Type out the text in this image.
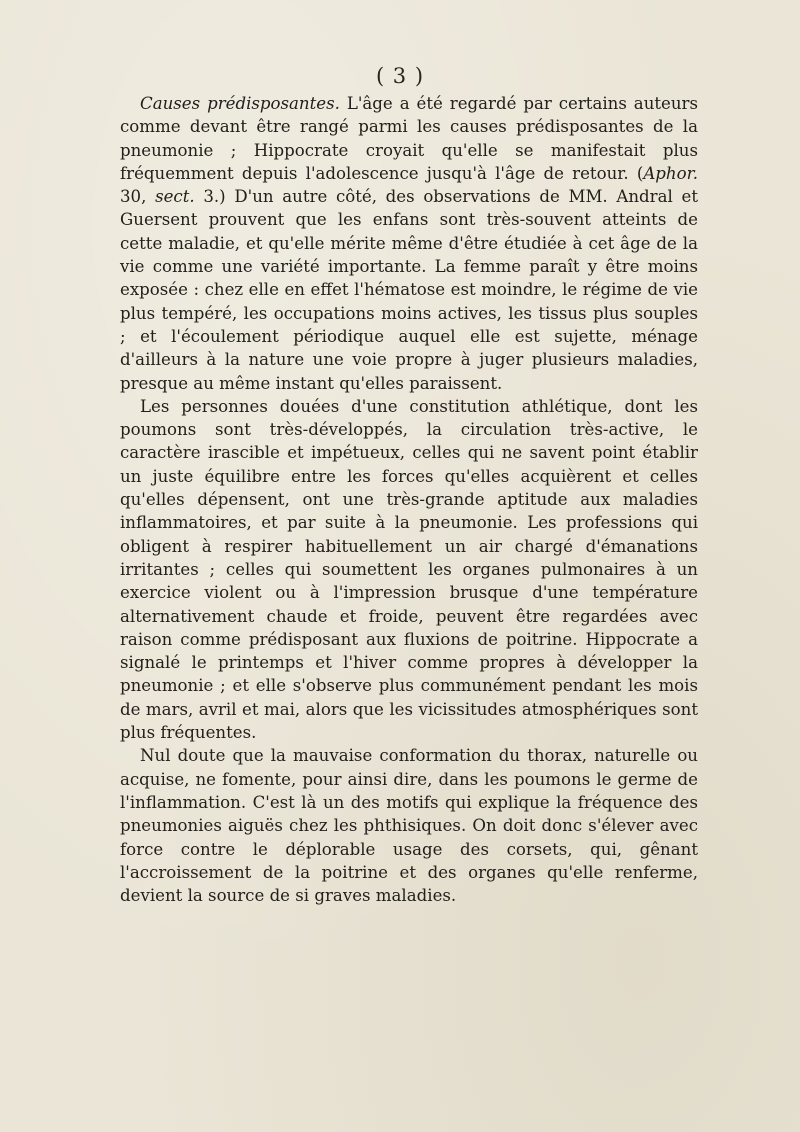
( 3 )

Causes prédisposantes. L'âge a été regardé par certains auteurs comme devant être rangé parmi les causes prédisposantes de la pneumonie ; Hippocrate croyait qu'elle se manifestait plus fréquemment depuis l'adolescence jusqu'à l'âge de retour. (Aphor. 30, sect. 3.) D'un autre côté, des observations de MM. Andral et Guersent prouvent que les enfans sont très-souvent atteints de cette maladie, et qu'elle mérite même d'être étudiée à cet âge de la vie comme une variété importante. La femme paraît y être moins exposée : chez elle en effet l'hématose est moindre, le régime de vie plus tempéré, les occupations moins actives, les tissus plus souples ; et l'écoulement périodique auquel elle est sujette, ménage d'ailleurs à la nature une voie propre à juger plusieurs maladies, presque au même instant qu'elles paraissent.

Les personnes douées d'une constitution athlétique, dont les poumons sont très-développés, la circulation très-active, le caractère irascible et impétueux, celles qui ne savent point établir un juste équilibre entre les forces qu'elles acquièrent et celles qu'elles dépensent, ont une très-grande aptitude aux maladies inflammatoires, et par suite à la pneumonie. Les professions qui obligent à respirer habituellement un air chargé d'émanations irritantes ; celles qui soumettent les organes pulmonaires à un exercice violent ou à l'impression brusque d'une température alternativement chaude et froide, peuvent être regardées avec raison comme prédisposant aux fluxions de poitrine. Hippocrate a signalé le printemps et l'hiver comme propres à développer la pneumonie ; et elle s'observe plus communément pendant les mois de mars, avril et mai, alors que les vicissitudes atmosphériques sont plus fréquentes.

Nul doute que la mauvaise conformation du thorax, naturelle ou acquise, ne fomente, pour ainsi dire, dans les poumons le germe de l'inflammation. C'est là un des motifs qui explique la fréquence des pneumonies aiguës chez les phthisiques. On doit donc s'élever avec force contre le déplorable usage des corsets, qui, gênant l'accroissement de la poitrine et des organes qu'elle renferme, devient la source de si graves maladies.
